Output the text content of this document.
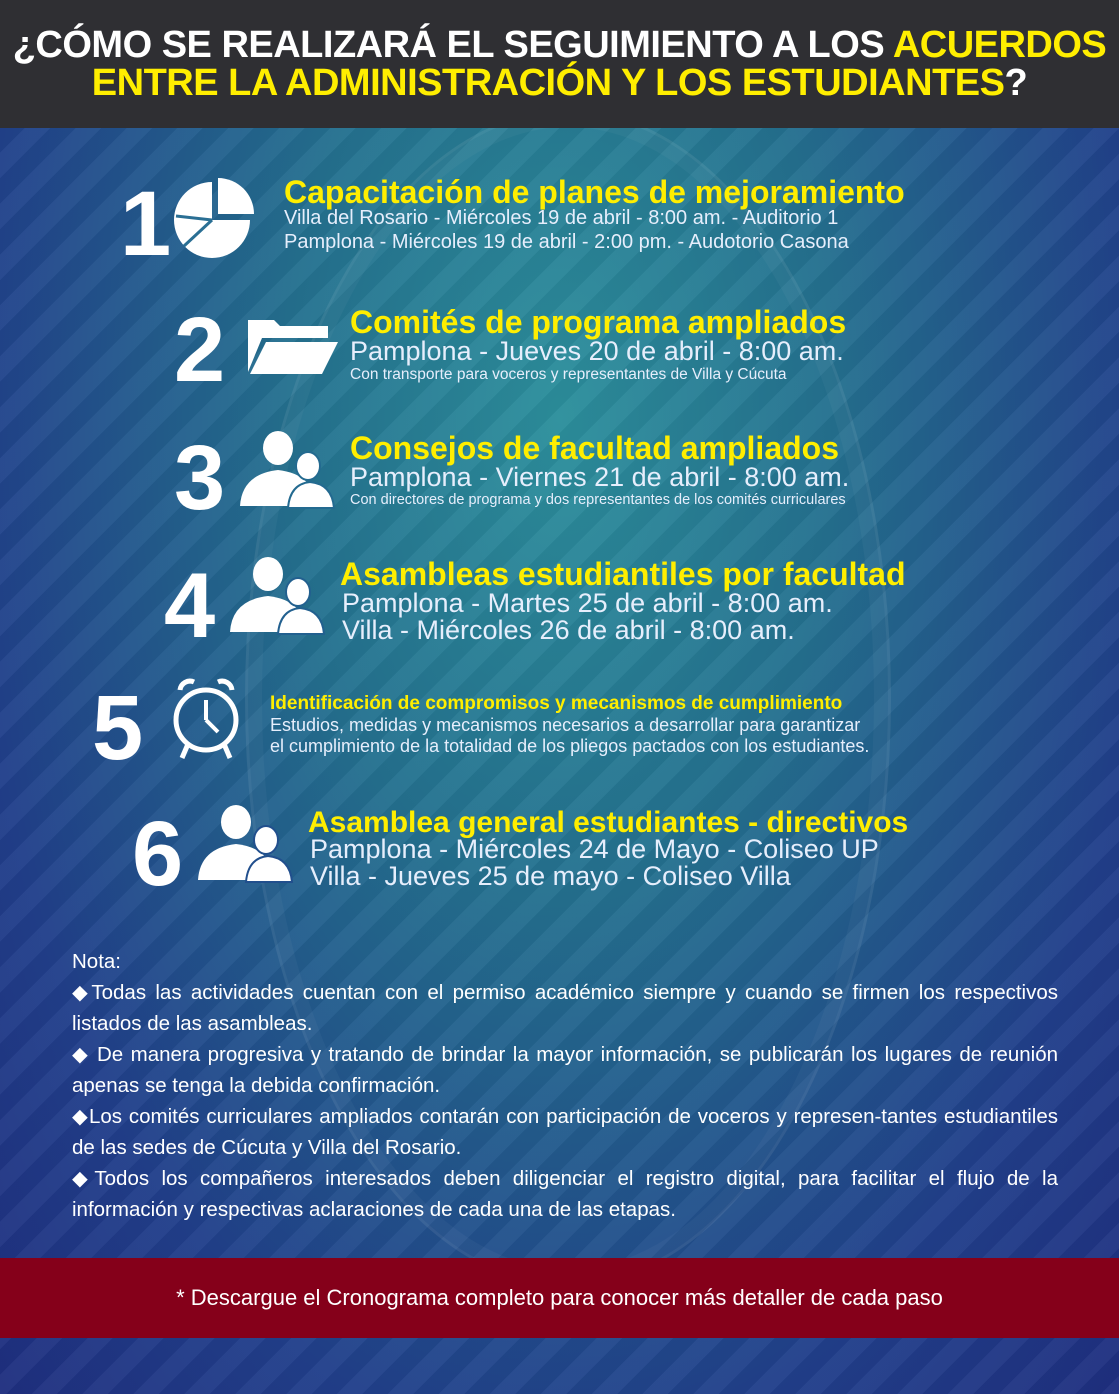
¿CÓMO SE REALIZARÁ EL SEGUIMIENTO A LOS ACUERDOS
ENTRE LA ADMINISTRACIÓN Y LOS ESTUDIANTES?
1	Capacitación de planes de mejoramiento
Villa del Rosario - Miércoles 19 de abril - 8:00 am. - Auditorio 1
Pamplona - Miércoles 19 de abril - 2:00 pm. - Audotorio Casona
2	Comités de programa ampliados
Pamplona - Jueves 20 de abril - 8:00 am.
Con transporte para voceros y representantes de Villa y Cúcuta
3	Consejos de facultad ampliados
Pamplona - Viernes 21 de abril - 8:00 am.
Con directores de programa y dos representantes de los comités curriculares
4	Asambleas estudiantiles por facultad
Pamplona - Martes 25 de abril - 8:00 am.
Villa - Miércoles 26 de abril - 8:00 am.
5	Identificación de compromisos y mecanismos de cumplimiento
Estudios, medidas y mecanismos necesarios a desarrollar para garantizar
el cumplimiento de la totalidad de los pliegos pactados con los estudiantes.
6	Asamblea general estudiantes - directivos
Pamplona - Miércoles 24 de Mayo - Coliseo UP
Villa - Jueves 25 de mayo - Coliseo Villa
Nota:

◆Todas las actividades cuentan con el permiso académico siempre y cuando se firmen los respectivos listados de las asambleas.

◆ De manera progresiva y tratando de brindar la mayor información, se publicarán los lugares de reunión apenas se tenga la debida confirmación.

◆Los comités curriculares ampliados contarán con participación de voceros y represen-tantes estudiantiles de las sedes de Cúcuta y Villa del Rosario.

◆Todos los compañeros interesados deben diligenciar el registro digital, para facilitar el flujo de la información y respectivas aclaraciones de cada una de las etapas.

* Descargue el Cronograma completo para conocer más detaller de cada paso
